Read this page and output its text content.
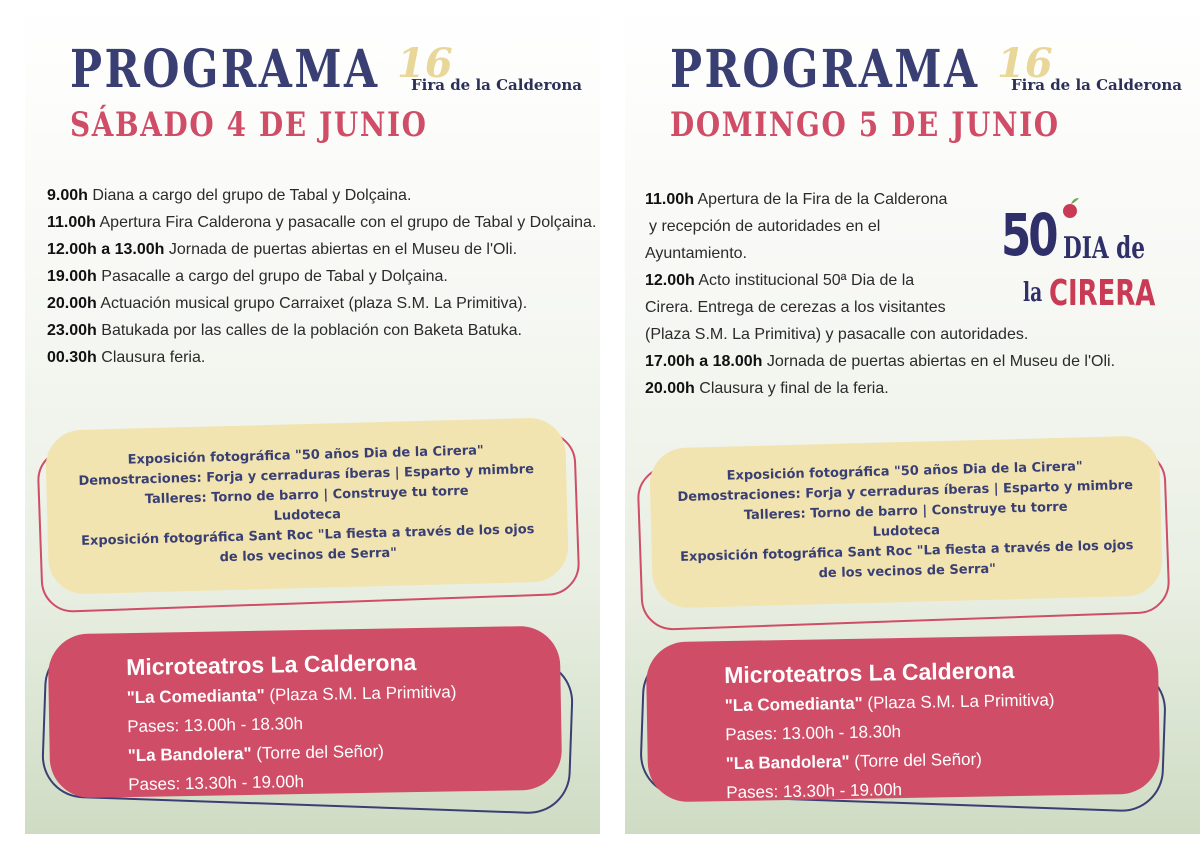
PROGRAMA
SÁBADO 4 DE JUNIO
16
Fira de la Calderona
9.00h Diana a cargo del grupo de Tabal y Dolçaina.
11.00h Apertura Fira Calderona y pasacalle con el grupo de Tabal y Dolçaina.
12.00h a 13.00h Jornada de puertas abiertas en el Museu de l'Oli.
19.00h Pasacalle a cargo del grupo de Tabal y Dolçaina.
20.00h Actuación musical grupo Carraixet (plaza S.M. La Primitiva).
23.00h Batukada por las calles de la población con Baketa Batuka.
00.30h Clausura feria.
Exposición fotográfica "50 años Dia de la Cirera"
Demostraciones: Forja y cerraduras íberas | Esparto y mimbre
Talleres: Torno de barro | Construye tu torre
Ludoteca
Exposición fotográfica Sant Roc "La fiesta a través de los ojos de los vecinos de Serra"
Microteatros La Calderona
"La Comedianta" (Plaza S.M. La Primitiva)
Pases: 13.00h - 18.30h
"La Bandolera" (Torre del Señor)
Pases: 13.30h - 19.00h
PROGRAMA
DOMINGO 5 DE JUNIO
16
Fira de la Calderona
11.00h Apertura de la Fira de la Calderona
y recepción de autoridades en el
Ayuntamiento.
12.00h Acto institucional 50ª Dia de la
Cirera. Entrega de cerezas a los visitantes
(Plaza S.M. La Primitiva) y pasacalle con autoridades.
17.00h a 18.00h Jornada de puertas abiertas en el Museu de l'Oli.
20.00h Clausura y final de la feria.
50 DIA de
la CIRERA
Exposición fotográfica "50 años Dia de la Cirera"
Demostraciones: Forja y cerraduras íberas | Esparto y mimbre
Talleres: Torno de barro | Construye tu torre
Ludoteca
Exposición fotográfica Sant Roc "La fiesta a través de los ojos de los vecinos de Serra"
Microteatros La Calderona
"La Comedianta" (Plaza S.M. La Primitiva)
Pases: 13.00h - 18.30h
"La Bandolera" (Torre del Señor)
Pases: 13.30h - 19.00h
